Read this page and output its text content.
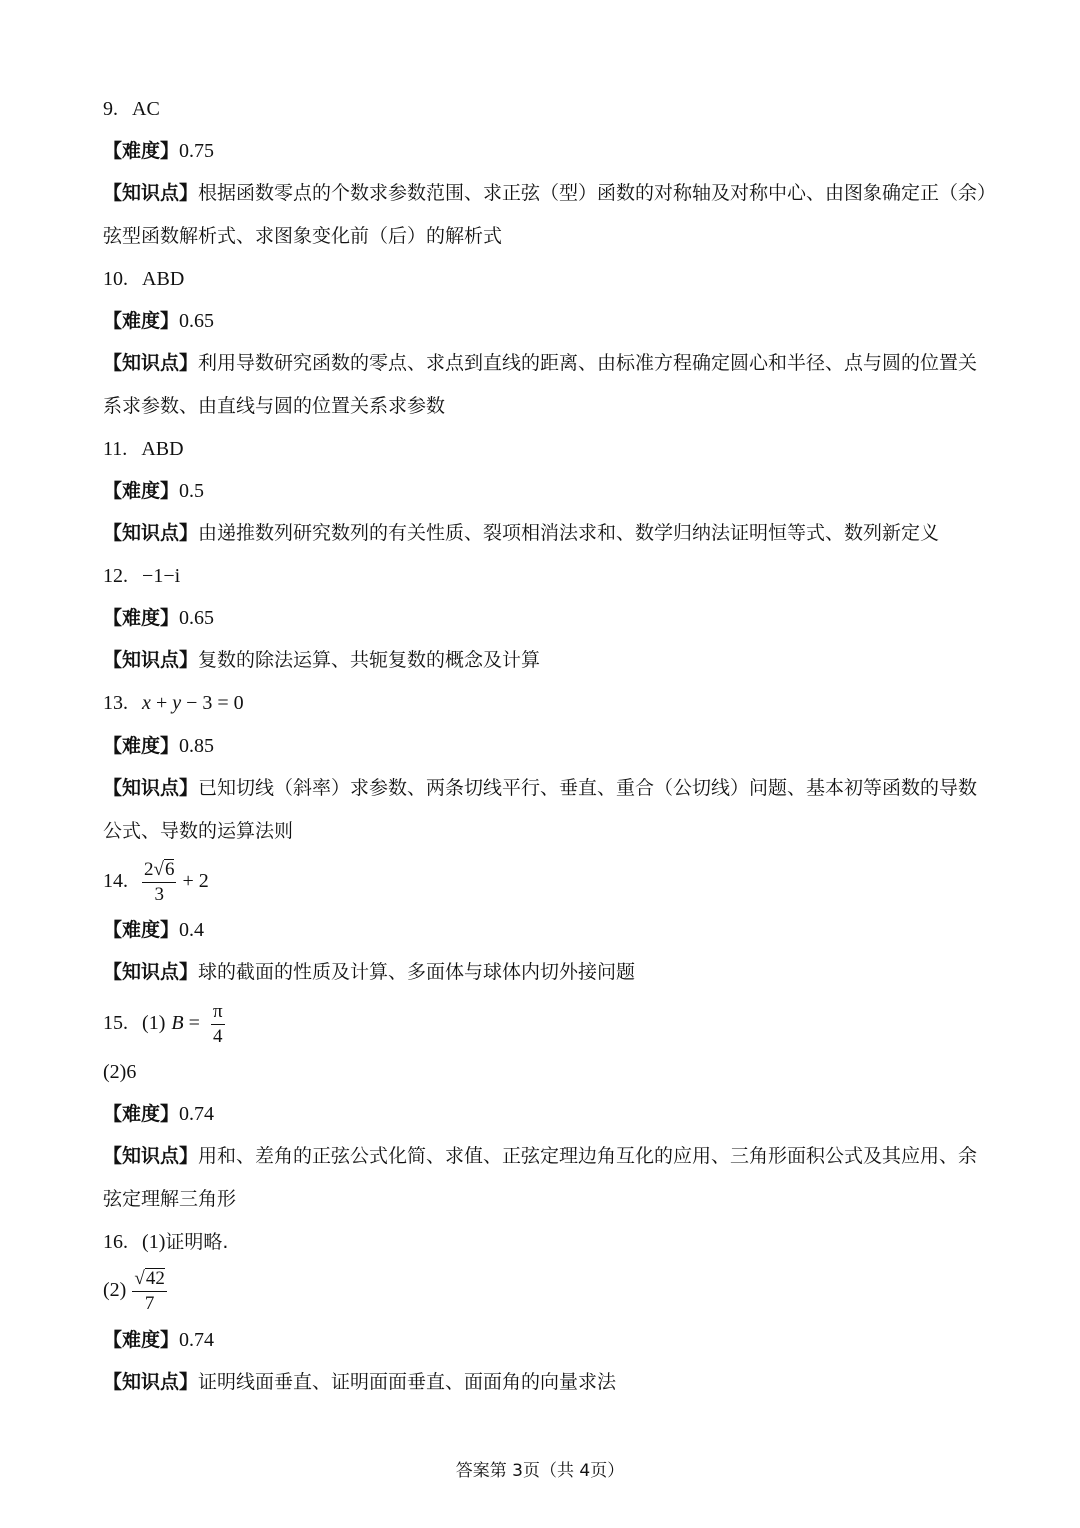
9. AC
【难度】0.75
【知识点】根据函数零点的个数求参数范围、求正弦（型）函数的对称轴及对称中心、由图象确定正（余）
弦型函数解析式、求图象变化前（后）的解析式
10. ABD
【难度】0.65
【知识点】利用导数研究函数的零点、求点到直线的距离、由标准方程确定圆心和半径、点与圆的位置关
系求参数、由直线与圆的位置关系求参数
11. ABD
【难度】0.5
【知识点】由递推数列研究数列的有关性质、裂项相消法求和、数学归纳法证明恒等式、数列新定义
12. −1−i
【难度】0.65
【知识点】复数的除法运算、共轭复数的概念及计算
13. x + y − 3 = 0
【难度】0.85
【知识点】已知切线（斜率）求参数、两条切线平行、垂直、重合（公切线）问题、基本初等函数的导数
公式、导数的运算法则
14. $\frac{2√6}{3} + 2$
【难度】0.4
【知识点】球的截面的性质及计算、多面体与球体内切外接问题
15. (1) $B = \frac{\pi}{4}$
(2)6
【难度】0.74
【知识点】用和、差角的正弦公式化简、求值、正弦定理边角互化的应用、三角形面积公式及其应用、余
弦定理解三角形
16. (1)证明略.
$(2) \frac{√42}{7}$
【难度】0.74
【知识点】证明线面垂直、证明面面垂直、面面角的向量求法
答案第 3页（共 4页）
